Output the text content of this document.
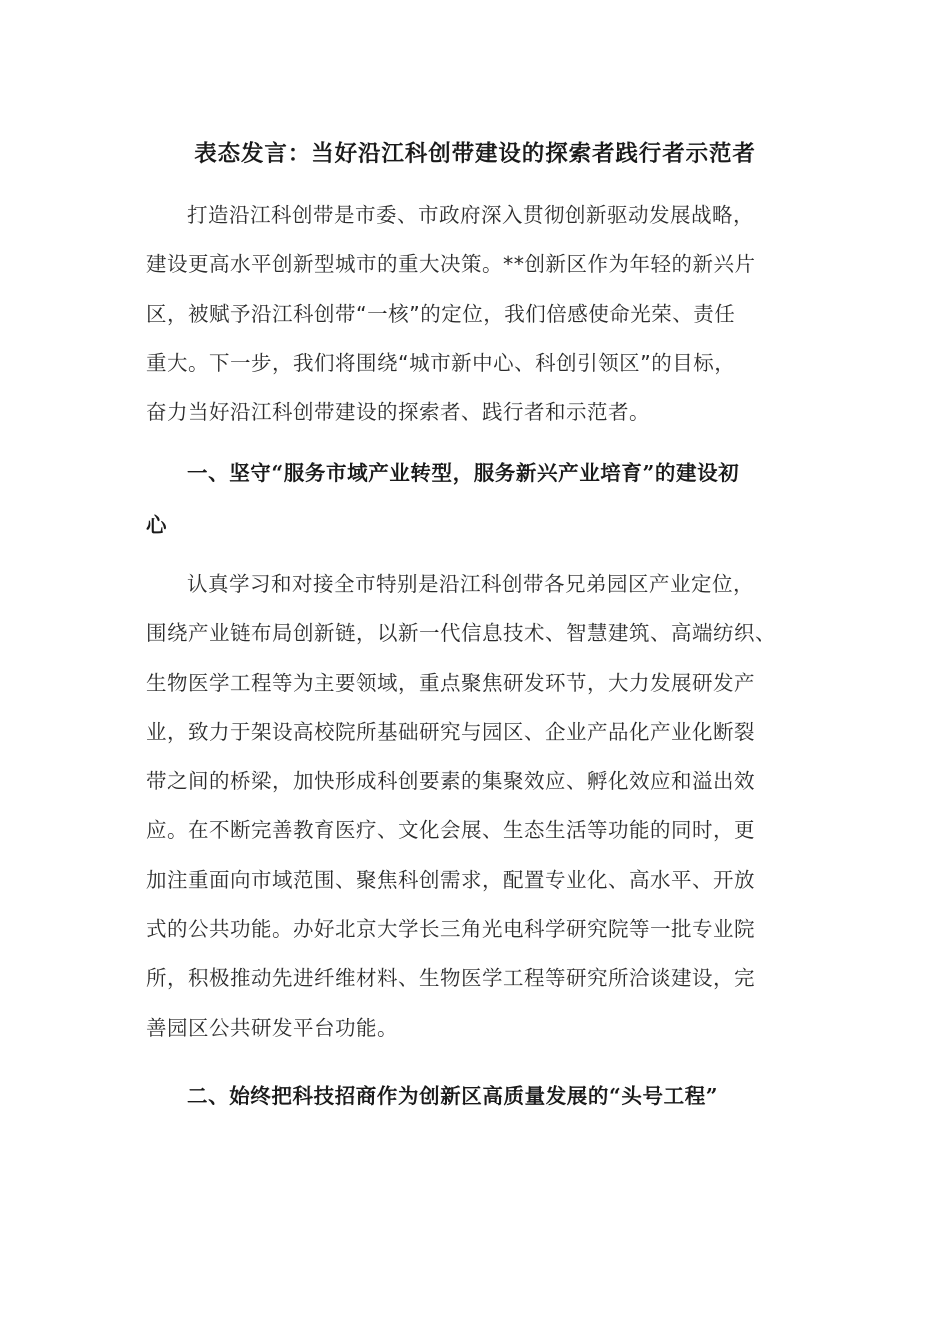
表态发言：当好沿江科创带建设的探索者践行者示范者

打造沿江科创带是市委、市政府深入贯彻创新驱动发展战略，
建设更高水平创新型城市的重大决策。**创新区作为年轻的新兴片
区，被赋予沿江科创带“一核”的定位，我们倍感使命光荣、责任
重大。下一步，我们将围绕“城市新中心、科创引领区”的目标，
奋力当好沿江科创带建设的探索者、践行者和示范者。

一、坚守“服务市域产业转型，服务新兴产业培育”的建设初
心

认真学习和对接全市特别是沿江科创带各兄弟园区产业定位，
围绕产业链布局创新链，以新一代信息技术、智慧建筑、高端纺织、
生物医学工程等为主要领域，重点聚焦研发环节，大力发展研发产
业，致力于架设高校院所基础研究与园区、企业产品化产业化断裂
带之间的桥梁，加快形成科创要素的集聚效应、孵化效应和溢出效
应。在不断完善教育医疗、文化会展、生态生活等功能的同时，更
加注重面向市域范围、聚焦科创需求，配置专业化、高水平、开放
式的公共功能。办好北京大学长三角光电科学研究院等一批专业院
所，积极推动先进纤维材料、生物医学工程等研究所洽谈建设，完
善园区公共研发平台功能。

二、始终把科技招商作为创新区高质量发展的“头号工程”
